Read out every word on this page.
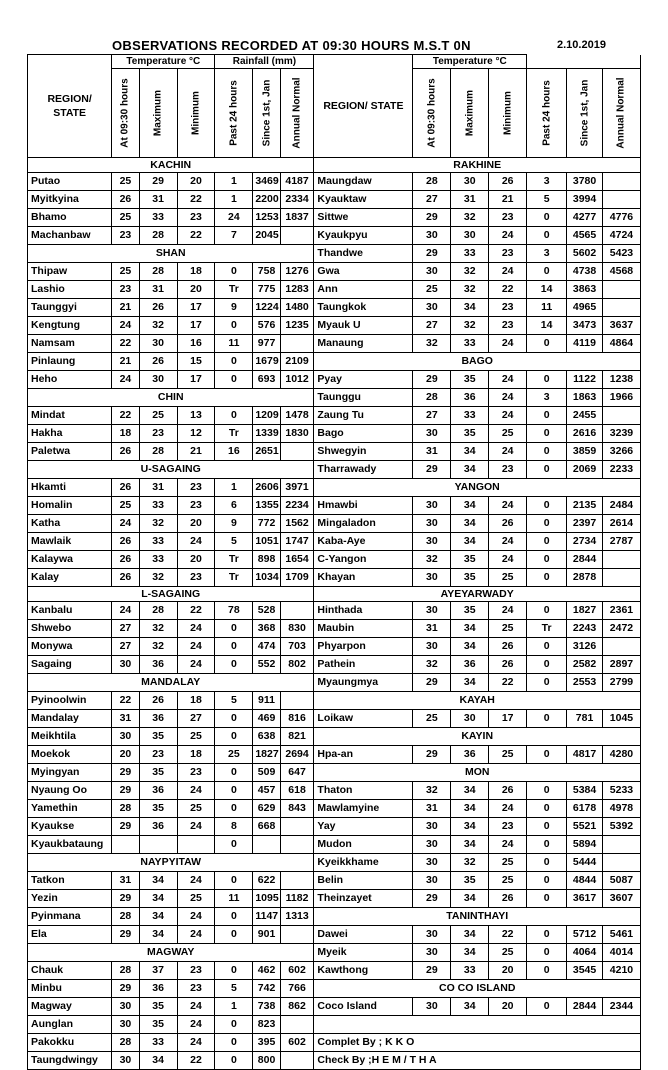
OBSERVATIONS RECORDED AT 09:30 HOURS M.S.T 0N	2.10.2019
REGION/ STATE	Temperature °C			Rainfall (mm)			REGION/ STATE	Temperature °C					

	At 09:30 hours	Maximum	Minimum	Past 24 hours	Since 1st, Jan	Annual Normal		At 09:30 hours	Maximum	Minimum	Past 24 hours	Since 1st, Jan	Annual Normal

KACHIN							RAKHINE						
Putao	25	29	20	1	3469	4187	Maungdaw	28	30	26	3	3780	
Myitkyina	26	31	22	1	2200	2334	Kyauktaw	27	31	21	5	3994	
Bhamo	25	33	23	24	1253	1837	Sittwe	29	32	23	0	4277	4776
Machanbaw	23	28	22	7	2045		Kyaukpyu	30	30	24	0	4565	4724
SHAN							Thandwe	29	33	23	3	5602	5423
Thipaw	25	28	18	0	758	1276	Gwa	30	32	24	0	4738	4568
Lashio	23	31	20	Tr	775	1283	Ann	25	32	22	14	3863	
Taunggyi	21	26	17	9	1224	1480	Taungkok	30	34	23	11	4965	
Kengtung	24	32	17	0	576	1235	Myauk U	27	32	23	14	3473	3637
Namsam	22	30	16	11	977		Manaung	32	33	24	0	4119	4864
Pinlaung	21	26	15	0	1679	2109	BAGO						
Heho	24	30	17	0	693	1012	Pyay	29	35	24	0	1122	1238
CHIN							Taunggu	28	36	24	3	1863	1966
Mindat	22	25	13	0	1209	1478	Zaung Tu	27	33	24	0	2455	
Hakha	18	23	12	Tr	1339	1830	Bago	30	35	25	0	2616	3239
Paletwa	26	28	21	16	2651		Shwegyin	31	34	24	0	3859	3266
U-SAGAING							Tharrawady	29	34	23	0	2069	2233
Hkamti	26	31	23	1	2606	3971	YANGON						
Homalin	25	33	23	6	1355	2234	Hmawbi	30	34	24	0	2135	2484
Katha	24	32	20	9	772	1562	Mingaladon	30	34	26	0	2397	2614
Mawlaik	26	33	24	5	1051	1747	Kaba-Aye	30	34	24	0	2734	2787
Kalaywa	26	33	20	Tr	898	1654	C-Yangon	32	35	24	0	2844	
Kalay	26	32	23	Tr	1034	1709	Khayan	30	35	25	0	2878	
L-SAGAING							AYEYARWADY						
Kanbalu	24	28	22	78	528		Hinthada	30	35	24	0	1827	2361
Shwebo	27	32	24	0	368	830	Maubin	31	34	25	Tr	2243	2472
Monywa	27	32	24	0	474	703	Phyarpon	30	34	26	0	3126	
Sagaing	30	36	24	0	552	802	Pathein	32	36	26	0	2582	2897
MANDALAY							Myaungmya	29	34	22	0	2553	2799
Pyinoolwin	22	26	18	5	911		KAYAH						
Mandalay	31	36	27	0	469	816	Loikaw	25	30	17	0	781	1045
Meikhtila	30	35	25	0	638	821	KAYIN						
Moekok	20	23	18	25	1827	2694	Hpa-an	29	36	25	0	4817	4280
Myingyan	29	35	23	0	509	647	MON						
Nyaung Oo	29	36	24	0	457	618	Thaton	32	34	26	0	5384	5233
Yamethin	28	35	25	0	629	843	Mawlamyine	31	34	24	0	6178	4978
Kyaukse	29	36	24	8	668		Yay	30	34	23	0	5521	5392
Kyaukbataung				0			Mudon	30	34	24	0	5894	
NAYPYITAW							Kyeikkhame	30	32	25	0	5444	
Tatkon	31	34	24	0	622		Belin	30	35	25	0	4844	5087
Yezin	29	34	25	11	1095	1182	Theinzayet	29	34	26	0	3617	3607
Pyinmana	28	34	24	0	1147	1313	TANINTHAYI						
Ela	29	34	24	0	901		Dawei	30	34	22	0	5712	5461
MAGWAY							Myeik	30	34	25	0	4064	4014
Chauk	28	37	23	0	462	602	Kawthong	29	33	20	0	3545	4210
Minbu	29	36	23	5	742	766	CO CO ISLAND						
Magway	30	35	24	1	738	862	Coco Island	30	34	20	0	2844	2344
Aunglan	30	35	24	0	823								
Pakokku	28	33	24	0	395	602	Complet By ; K K O						
Taungdwingy	30	34	22	0	800		Check By ;H E M / T H A						
